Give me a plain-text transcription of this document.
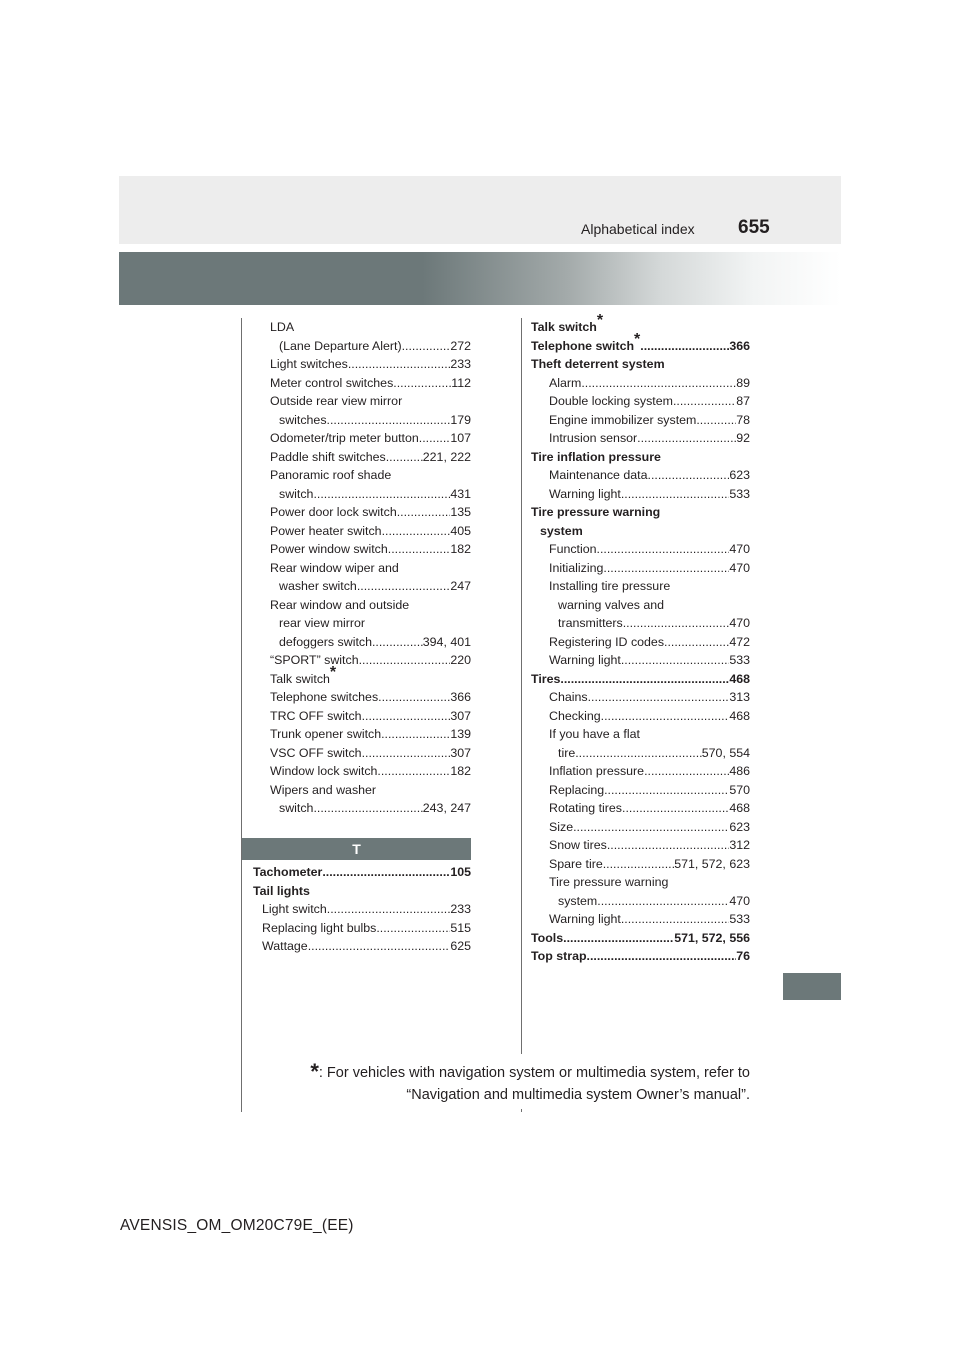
Alphabetical index 655
LDA
(Lane Departure Alert) .....	272
Light switches .....	233
Meter control switches .....	112
Outside rear view mirror
switches .....	179
Odometer/trip meter button .....	107
Paddle shift switches .....	221, 222
Panoramic roof shade
switch .....	431
Power door lock switch .....	135
Power heater switch .....	405
Power window switch .....	182
Rear window wiper and
washer switch .....	247
Rear window and outside
rear view mirror
defoggers switch .....	394, 401
“SPORT” switch .....	220
Talk switch*
Telephone switches .....	366
TRC OFF switch .....	307
Trunk opener switch .....	139
VSC OFF switch .....	307
Window lock switch .....	182
Wipers and washer
switch .....	243, 247
T
Tachometer .....	105
Tail lights
Light switch .....	233
Replacing light bulbs .....	515
Wattage .....	625
Talk switch*
Telephone switch* .....	366
Theft deterrent system
Alarm .....	89
Double locking system .....	87
Engine immobilizer system .....	78
Intrusion sensor .....	92
Tire inflation pressure
Maintenance data .....	623
Warning light .....	533
Tire pressure warning
system
Function .....	470
Initializing .....	470
Installing tire pressure
warning valves and
transmitters .....	470
Registering ID codes .....	472
Warning light .....	533
Tires .....	468
Chains .....	313
Checking .....	468
If you have a flat
tire .....	570, 554
Inflation pressure .....	486
Replacing .....	570
Rotating tires .....	468
Size .....	623
Snow tires .....	312
Spare tire .....	571, 572, 623
Tire pressure warning
system .....	470
Warning light .....	533
Tools .....	571, 572, 556
Top strap .....	76
*: For vehicles with navigation system or multimedia system, refer to
“Navigation and multimedia system Owner’s manual”.
AVENSIS_OM_OM20C79E_(EE)
